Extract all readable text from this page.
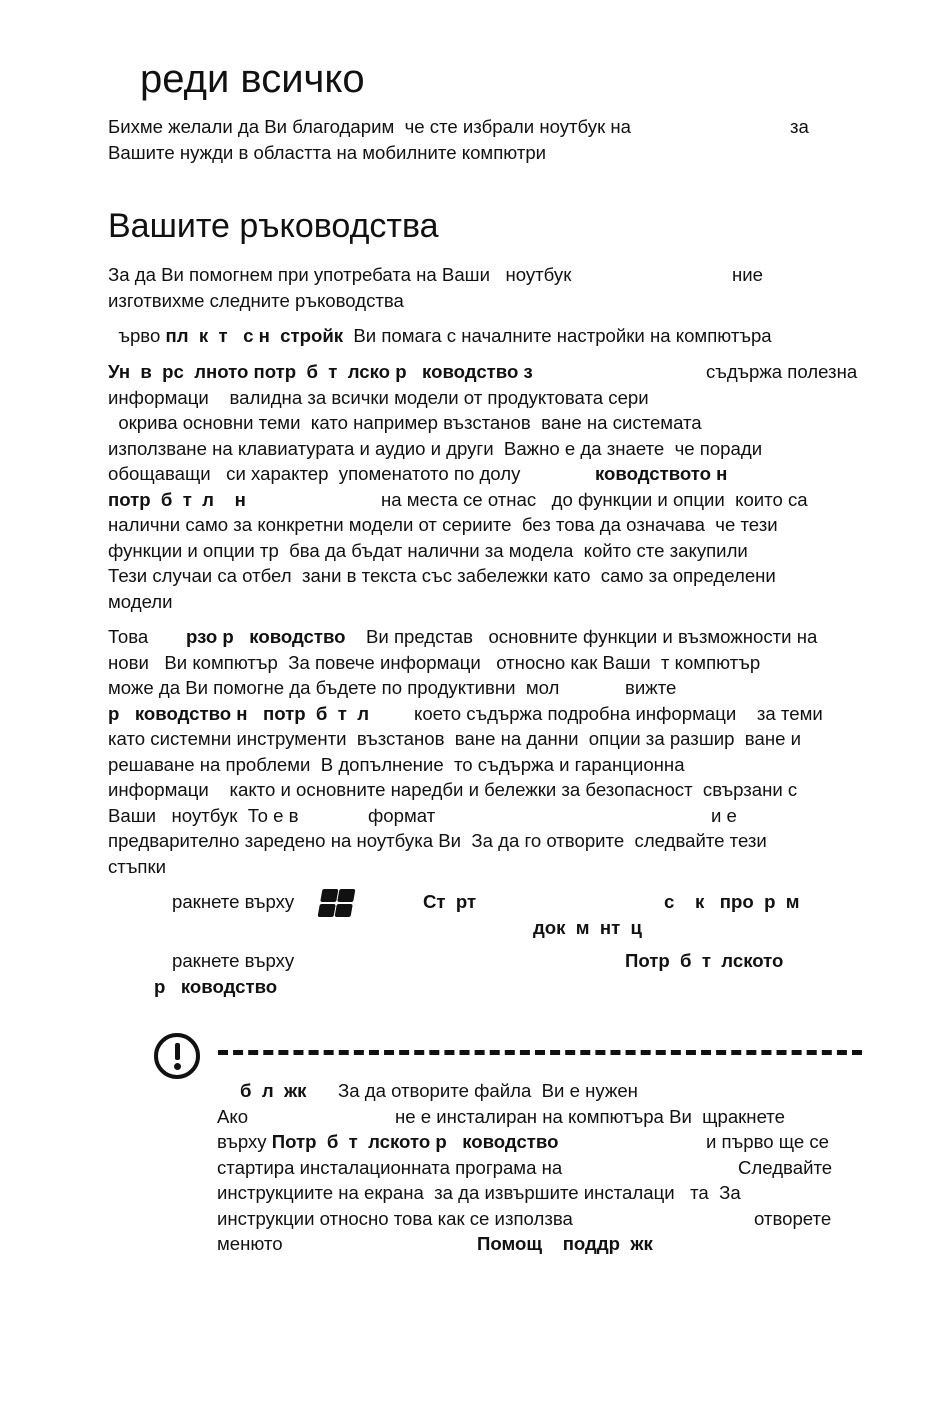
реди всичко
Бихме желали да Ви благодарим  че сте избрали ноутбук на	за
Вашите нужди в областта на мобилните компютри
Вашите ръководства
За да Ви помогнем при употребата на Ваши   ноутбук	ние
изготвихме следните ръководства
ърво пл  к  т   с н  стройк  Ви помага с началните настройки на компютъра
Ун  в  рс  лното потр  б  т  лско р   ководство з	съдържа полезна
информаци    валидна за всички модели от продуктовата сери
окрива основни теми  като например възстанов  ване на системата
използване на клавиатурата и аудио и други  Важно е да знаете  че поради
обощаващи   си характер  упоменатото по долу	ководството н
потр  б  т  л    н	на места се отнас   до функции и опции  които са
налични само за конкретни модели от сериите  без това да означава  че тези
функции и опции тр  бва да бъдат налични за модела  който сте закупили
Тези случаи са отбел  зани в текста със забележки като  само за определени
модели
Това рзо р   ководство Ви представ   основните функции и възможности на
нови   Ви компютър  За повече информаци   относно как Ваши  т компютър
може да Ви помогне да бъдете по продуктивни  мол	вижте
р   ководство н   потр  б  т  л което съдържа подробна информаци    за теми
като системни инструменти  възстанов  ване на данни  опции за разшир  ване и
решаване на проблеми  В допълнение  то съдържа и гаранционна
информаци    както и основните наредби и бележки за безопасност  свързани с
Ваши   ноутбук  То е в	формат	и е
предварително заредено на ноутбука Ви  За да го отворите  следвайте тези
стъпки
ракнете върху	Ст  рт	с    к   про  р  м
док  м  нт  ц
ракнете върху	Потр  б  т  лското
р   ководство
б  л  жк За да отворите файла  Ви е нужен
Ако	не е инсталиран на компютъра Ви  щракнете
върху Потр  б  т  лското р   ководство	и първо ще се
стартира инсталационната програма на	Следвайте
инструкциите на екрана  за да извършите инсталаци   та  За
инструкции относно това как се използва	отворете
менюто	Помощ    поддр  жк
